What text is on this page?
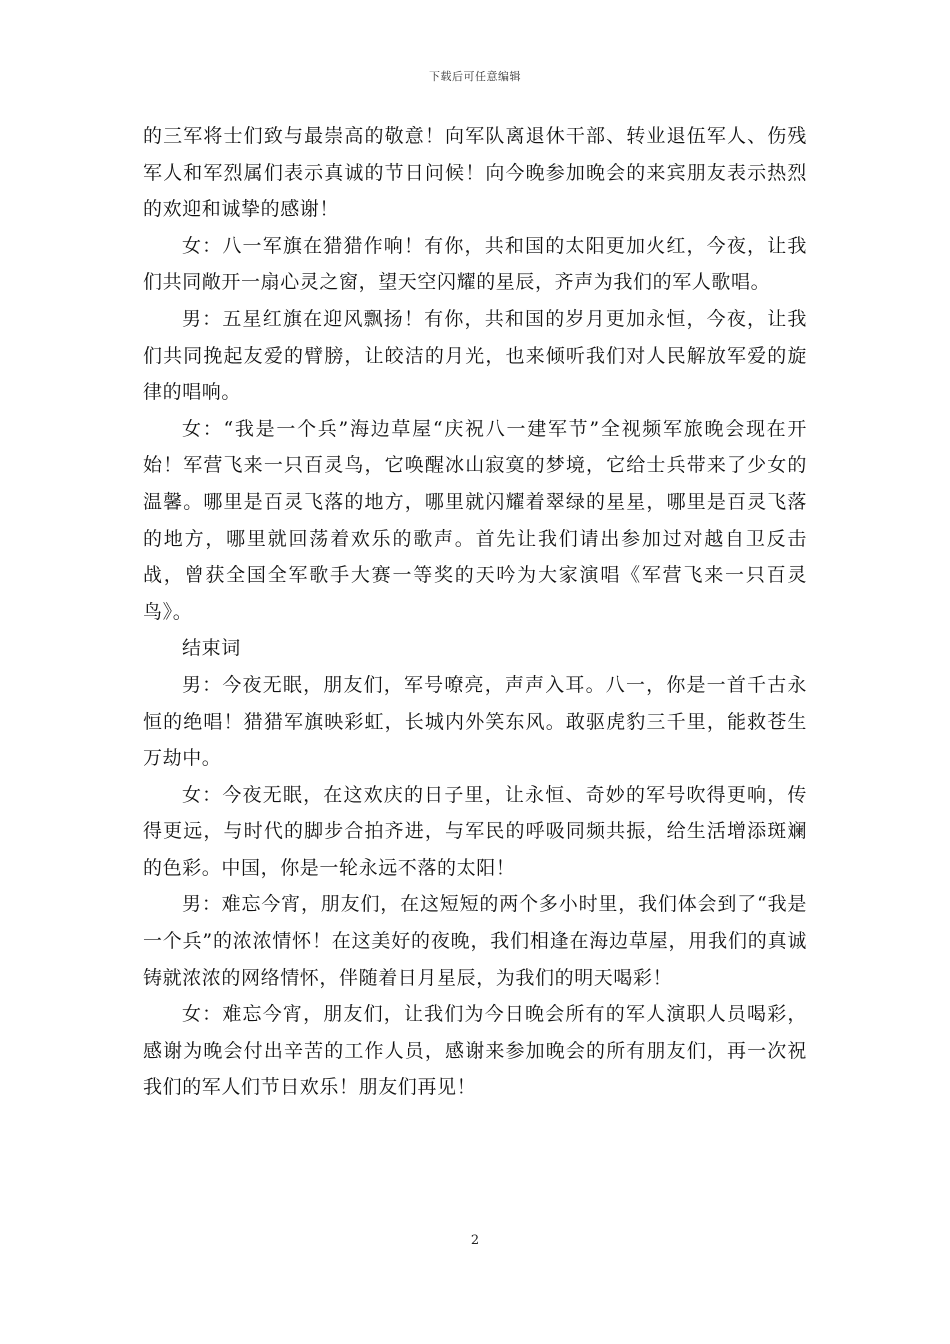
下载后可任意编辑

的三军将士们致与最崇高的敬意！向军队离退休干部、转业退伍军人、伤残军人和军烈属们表示真诚的节日问候！向今晚参加晚会的来宾朋友表示热烈的欢迎和诚挚的感谢！

女：八一军旗在猎猎作响！有你，共和国的太阳更加火红，今夜，让我们共同敞开一扇心灵之窗，望天空闪耀的星辰，齐声为我们的军人歌唱。

男：五星红旗在迎风飘扬！有你，共和国的岁月更加永恒，今夜，让我们共同挽起友爱的臂膀，让皎洁的月光，也来倾听我们对人民解放军爱的旋律的唱响。

女：“我是一个兵”海边草屋“庆祝八一建军节”全视频军旅晚会现在开始！军营飞来一只百灵鸟，它唤醒冰山寂寞的梦境，它给士兵带来了少女的温馨。哪里是百灵飞落的地方，哪里就闪耀着翠绿的星星，哪里是百灵飞落的地方，哪里就回荡着欢乐的歌声。首先让我们请出参加过对越自卫反击战，曾获全国全军歌手大赛一等奖的天吟为大家演唱《军营飞来一只百灵鸟》。

结束词

男：今夜无眠，朋友们，军号嘹亮，声声入耳。八一，你是一首千古永恒的绝唱！猎猎军旗映彩虹，长城内外笑东风。敢驱虎豹三千里，能救苍生万劫中。

女：今夜无眠，在这欢庆的日子里，让永恒、奇妙的军号吹得更响，传得更远，与时代的脚步合拍齐进，与军民的呼吸同频共振，给生活增添斑斓的色彩。中国，你是一轮永远不落的太阳！

男：难忘今宵，朋友们，在这短短的两个多小时里，我们体会到了“我是一个兵”的浓浓情怀！在这美好的夜晚，我们相逢在海边草屋，用我们的真诚铸就浓浓的网络情怀，伴随着日月星辰，为我们的明天喝彩！

女：难忘今宵，朋友们，让我们为今日晚会所有的军人演职人员喝彩，感谢为晚会付出辛苦的工作人员，感谢来参加晚会的所有朋友们，再一次祝我们的军人们节日欢乐！朋友们再见！

2
